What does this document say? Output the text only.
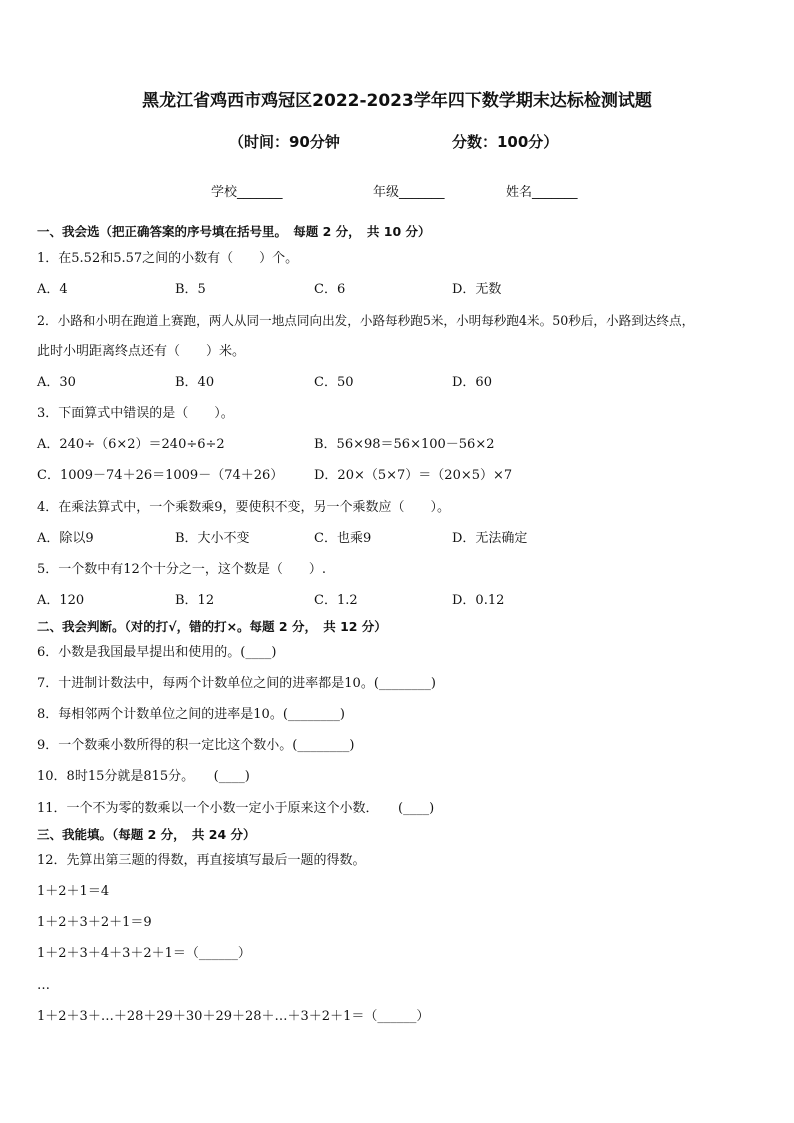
黑龙江省鸡西市鸡冠区2022-2023学年四下数学期末达标检测试题
（时间：90分钟	分数：100分）
学校_______	年级_______	姓名_______
一、我会选（把正确答案的序号填在括号里。　每题 2 分，　共 10 分）
1．在5.52和5.57之间的小数有（　　）个。
A．4	B．5	C．6	D．无数
2．小路和小明在跑道上赛跑，两人从同一地点同向出发，小路每秒跑5米，小明每秒跑4米。50秒后，小路到达终点，
此时小明距离终点还有（　　）米。
A．30	B．40	C．50	D．60
3．下面算式中错误的是（　　）。
A．240÷（6×2）＝240÷6÷2	B．56×98＝56×100－56×2
C．1009－74＋26＝1009－（74＋26） D．20×（5×7）＝（20×5）×7
4．在乘法算式中，一个乘数乘9，要使积不变，另一个乘数应（　　）。
A．除以9	B．大小不变	C．也乘9	D．无法确定
5．一个数中有12个十分之一，这个数是（　　）.
A．120	B．12	C．1.2	D．0.12
二、我会判断。（对的打√，错的打×。每题 2 分，　共 12 分）
6．小数是我国最早提出和使用的。(____)
7．十进制计数法中，每两个计数单位之间的进率都是10。(________)
8．每相邻两个计数单位之间的进率是10。(________)
9．一个数乘小数所得的积一定比这个数小。(________)
10．8时15分就是815分。　　(____)
11．一个不为零的数乘以一个小数一定小于原来这个小数．　　(____)
三、我能填。（每题 2 分，　共 24 分）
12．先算出第三题的得数，再直接填写最后一题的得数。
1＋2＋1＝4
1＋2＋3＋2＋1＝9
1＋2＋3＋4＋3＋2＋1＝（______）
…
1＋2＋3＋…＋28＋29＋30＋29＋28＋…＋3＋2＋1＝（______）
